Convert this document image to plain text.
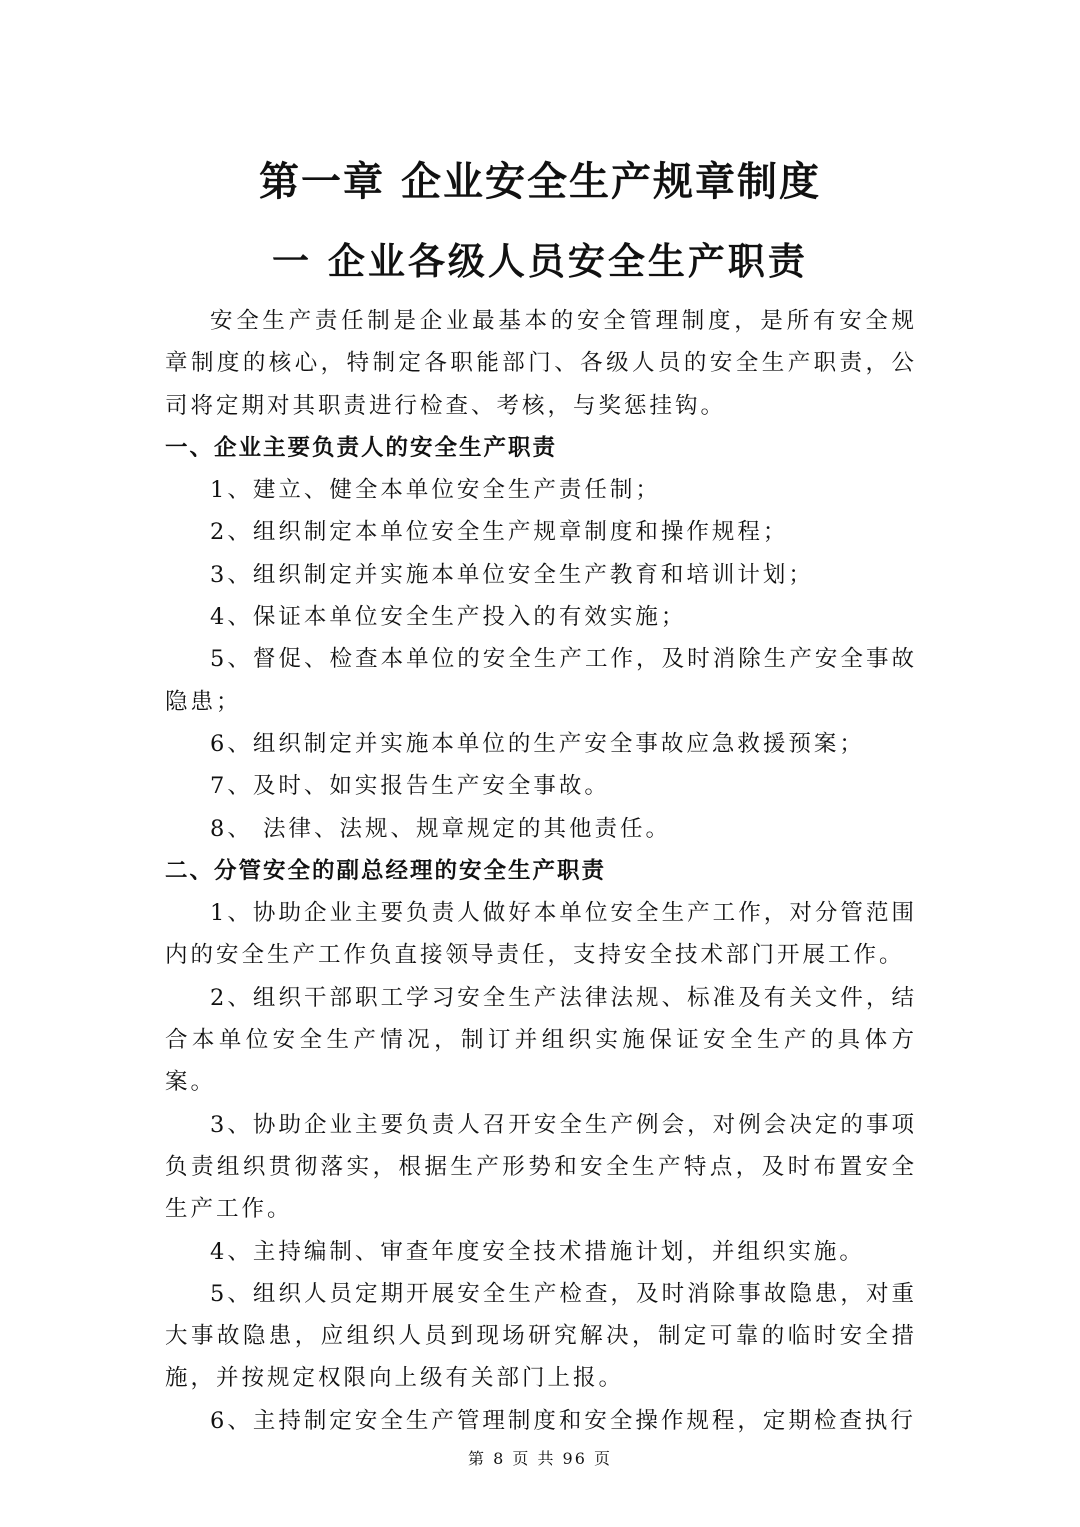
第一章 企业安全生产规章制度
一 企业各级人员安全生产职责

安全生产责任制是企业最基本的安全管理制度，是所有安全规章制度的核心，特制定各职能部门、各级人员的安全生产职责，公司将定期对其职责进行检查、考核，与奖惩挂钩。

一、企业主要负责人的安全生产职责

1、建立、健全本单位安全生产责任制；

2、组织制定本单位安全生产规章制度和操作规程；

3、组织制定并实施本单位安全生产教育和培训计划；

4、保证本单位安全生产投入的有效实施；

5、督促、检查本单位的安全生产工作，及时消除生产安全事故隐患；

6、组织制定并实施本单位的生产安全事故应急救援预案；

7、及时、如实报告生产安全事故。

8、 法律、法规、规章规定的其他责任。

二、分管安全的副总经理的安全生产职责

1、协助企业主要负责人做好本单位安全生产工作，对分管范围内的安全生产工作负直接领导责任，支持安全技术部门开展工作。

2、组织干部职工学习安全生产法律法规、标准及有关文件，结合本单位安全生产情况，制订并组织实施保证安全生产的具体方案。

3、协助企业主要负责人召开安全生产例会，对例会决定的事项负责组织贯彻落实，根据生产形势和安全生产特点，及时布置安全生产工作。

4、主持编制、审查年度安全技术措施计划，并组织实施。

5、组织人员定期开展安全生产检查，及时消除事故隐患，对重大事故隐患，应组织人员到现场研究解决，制定可靠的临时安全措施，并按规定权限向上级有关部门上报。

6、主持制定安全生产管理制度和安全操作规程，定期检查执行

第 8 页 共 96 页
